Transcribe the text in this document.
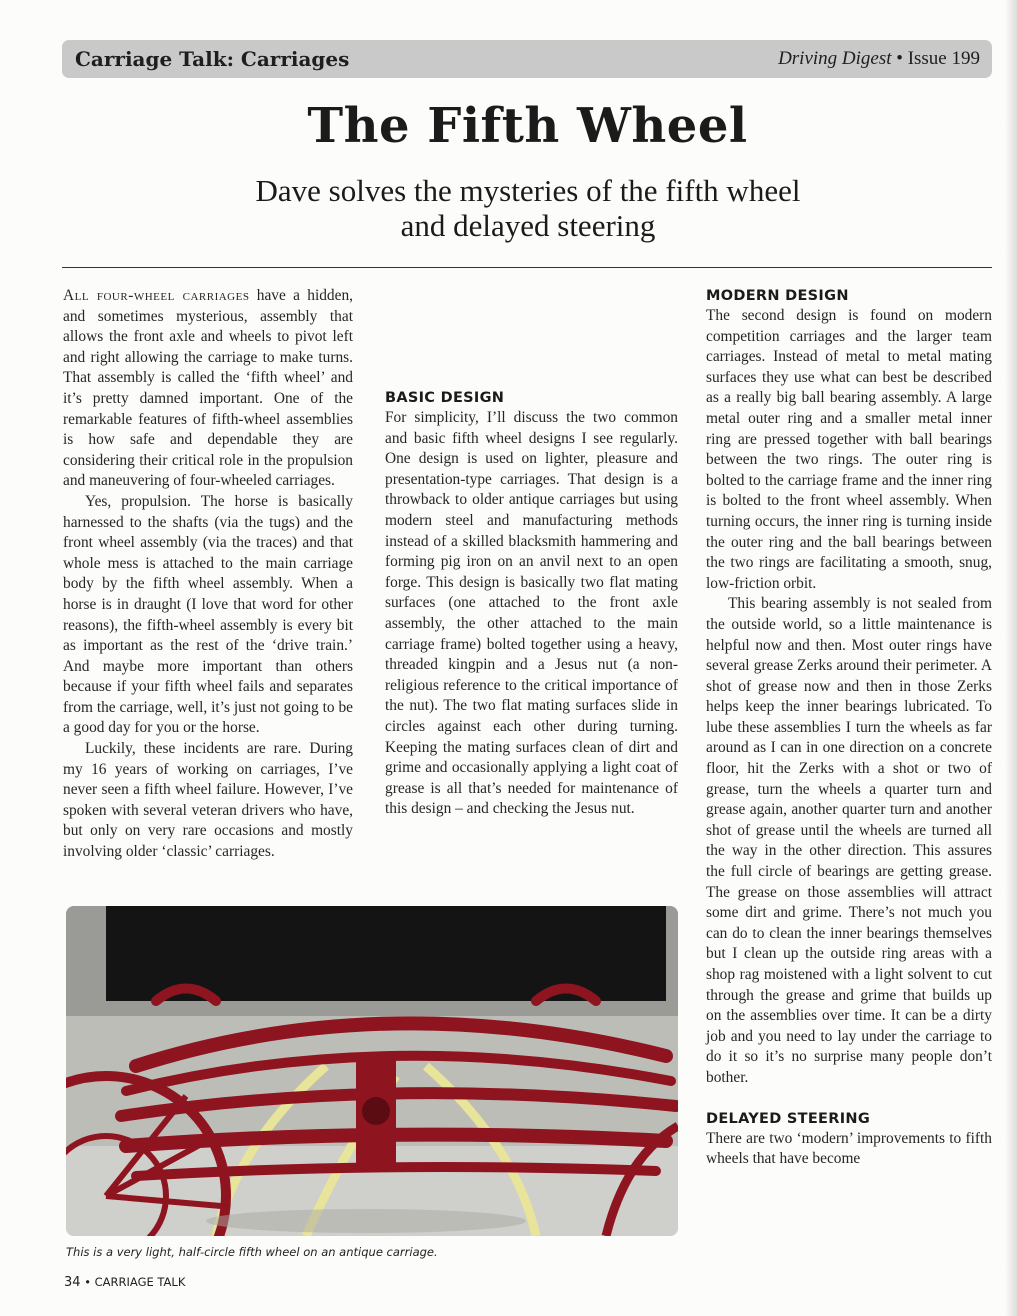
Carriage Talk: Carriages	Driving Digest • Issue 199
The Fifth Wheel
Dave solves the mysteries of the fifth wheel
and delayed steering

All four-wheel carriages have a hidden, and sometimes mysterious, assembly that allows the front axle and wheels to pivot left and right allowing the carriage to make turns. That assembly is called the ‘fifth wheel’ and it’s pretty damned important. One of the remarkable features of fifth-wheel assemblies is how safe and dependable they are considering their critical role in the propulsion and maneuvering of four-wheeled carriages.

Yes, propulsion. The horse is basically harnessed to the shafts (via the tugs) and the front wheel assembly (via the traces) and that whole mess is attached to the main carriage body by the fifth wheel assembly. When a horse is in draught (I love that word for other reasons), the fifth-wheel assembly is every bit as important as the rest of the ‘drive train.’ And maybe more important than others because if your fifth wheel fails and separates from the carriage, well, it’s just not going to be a good day for you or the horse.

Luckily, these incidents are rare. During my 16 years of working on carriages, I’ve never seen a fifth wheel failure. However, I’ve spoken with several veteran drivers who have, but only on very rare occasions and mostly involving older ‘classic’ carriages.

BASIC DESIGN

For simplicity, I’ll discuss the two common and basic fifth wheel designs I see regularly. One design is used on lighter, pleasure and presentation-type carriages. That design is a throwback to older antique carriages but using modern steel and manufacturing methods instead of a skilled blacksmith hammering and forming pig iron on an anvil next to an open forge. This design is basically two flat mating surfaces (one attached to the front axle assembly, the other attached to the main carriage frame) bolted together using a heavy, threaded kingpin and a Jesus nut (a non-religious reference to the critical importance of the nut). The two flat mating surfaces slide in circles against each other during turning. Keeping the mating surfaces clean of dirt and grime and occasionally applying a light coat of grease is all that’s needed for maintenance of this design – and checking the Jesus nut.

MODERN DESIGN

The second design is found on modern competition carriages and the larger team carriages. Instead of metal to metal mating surfaces they use what can best be described as a really big ball bearing assembly. A large metal outer ring and a smaller metal inner ring are pressed together with ball bearings between the two rings. The outer ring is bolted to the carriage frame and the inner ring is bolted to the front wheel assembly. When turning occurs, the inner ring is turning inside the outer ring and the ball bearings between the two rings are facilitating a smooth, snug, low-friction orbit.

This bearing assembly is not sealed from the outside world, so a little maintenance is helpful now and then. Most outer rings have several grease Zerks around their perimeter. A shot of grease now and then in those Zerks helps keep the inner bearings lubricated. To lube these assemblies I turn the wheels as far around as I can in one direction on a concrete floor, hit the Zerks with a shot or two of grease, turn the wheels a quarter turn and grease again, another quarter turn and another shot of grease until the wheels are turned all the way in the other direction. This assures the full circle of bearings are getting grease. The grease on those assemblies will attract some dirt and grime. There’s not much you can do to clean the inner bearings themselves but I clean up the outside ring areas with a shop rag moistened with a light solvent to cut through the grease and grime that builds up on the assemblies over time. It can be a dirty job and you need to lay under the carriage to do it so it’s no surprise many people don’t bother.

DELAYED STEERING

There are two ‘modern’ improvements to fifth wheels that have become

This is a very light, half-circle fifth wheel on an antique carriage.
34 • CARRIAGE TALK
